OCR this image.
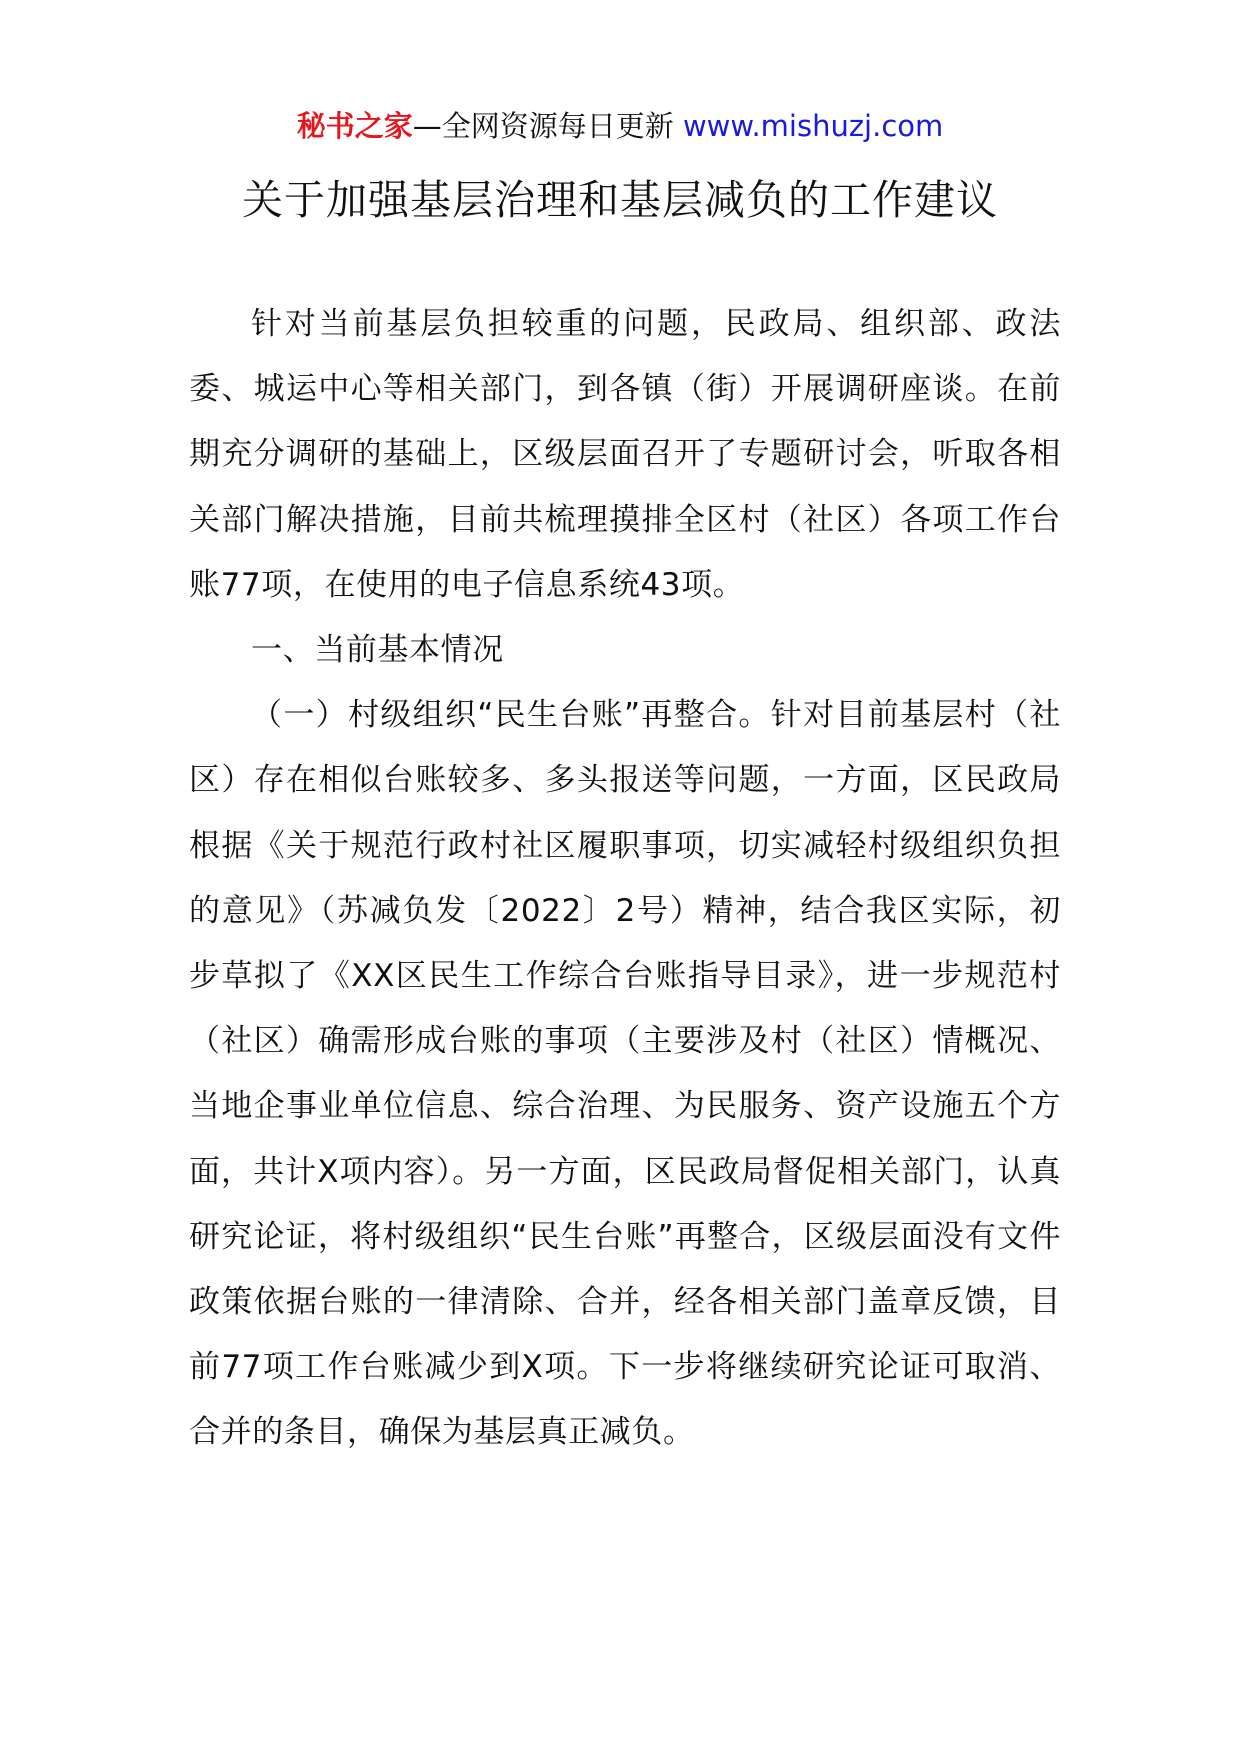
秘书之家—全网资源每日更新 www.mishuzj.com
关于加强基层治理和基层减负的工作建议

针对当前基层负担较重的问题，民政局、组织部、政法委、城运中心等相关部门，到各镇（街）开展调研座谈。在前期充分调研的基础上，区级层面召开了专题研讨会，听取各相关部门解决措施，目前共梳理摸排全区村（社区）各项工作台账77项，在使用的电子信息系统43项。

一、当前基本情况

（一）村级组织“民生台账”再整合。针对目前基层村（社区）存在相似台账较多、多头报送等问题，一方面，区民政局根据《关于规范行政村社区履职事项，切实减轻村级组织负担的意见》（苏减负发〔2022〕2号）精神，结合我区实际，初步草拟了《XX区民生工作综合台账指导目录》，进一步规范村（社区）确需形成台账的事项（主要涉及村（社区）情概况、当地企事业单位信息、综合治理、为民服务、资产设施五个方面，共计X项内容）。另一方面，区民政局督促相关部门，认真研究论证，将村级组织“民生台账”再整合，区级层面没有文件政策依据台账的一律清除、合并，经各相关部门盖章反馈，目前77项工作台账减少到X项。下一步将继续研究论证可取消、合并的条目，确保为基层真正减负。
